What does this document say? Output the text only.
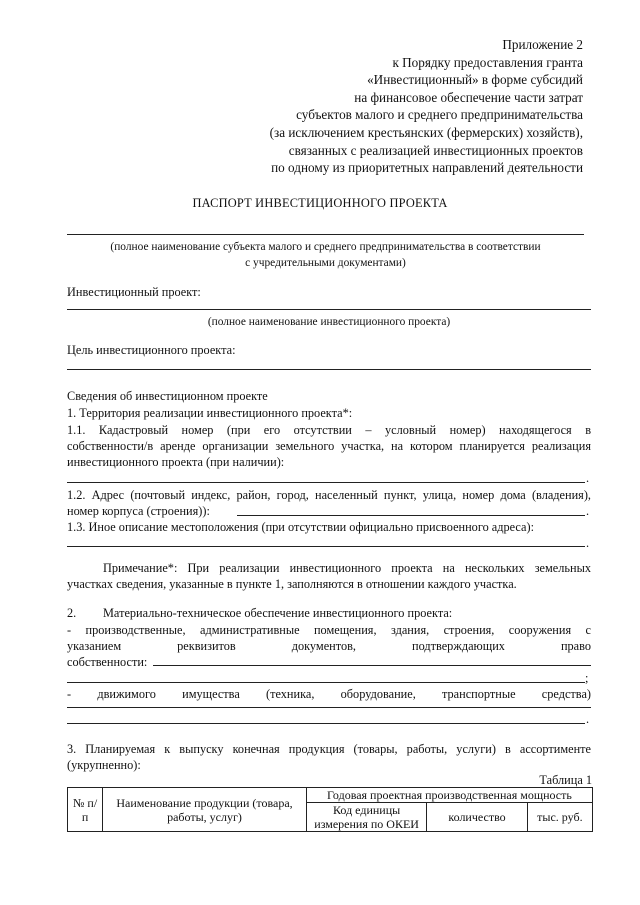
Приложение 2
к Порядку предоставления гранта
«Инвестиционный» в форме субсидий
на финансовое обеспечение части затрат
субъектов малого и среднего предпринимательства
(за исключением крестьянских (фермерских) хозяйств),
связанных с реализацией инвестиционных проектов
по одному из приоритетных направлений деятельности
ПАСПОРТ ИНВЕСТИЦИОННОГО ПРОЕКТА
(полное наименование субъекта малого и среднего предпринимательства в соответствии
с учредительными документами)
Инвестиционный проект:
(полное наименование инвестиционного проекта)
Цель инвестиционного проекта:
Сведения об инвестиционном проекте
1. Территория реализации инвестиционного проекта*:
1.1. Кадастровый номер (при его отсутствии – условный номер) находящегося в
собственности/в аренде организации земельного участка, на котором планируется реализация
инвестиционного проекта (при наличии):
.
1.2. Адрес (почтовый индекс, район, город, населенный пункт, улица, номер дома (владения),
номер корпуса (строения)):	.
1.3. Иное описание местоположения (при отсутствии официально присвоенного адреса):
.
Примечание*: При реализации инвестиционного проекта на нескольких земельных
участках сведения, указанные в пункте 1, заполняются в отношении каждого участка.
2. Материально-техническое обеспечение инвестиционного проекта:
- производственные, административные помещения, здания, строения, сооружения с
указанием реквизитов документов, подтверждающих право
собственности:
;
- движимого имущества (техника, оборудование, транспортные средства)
.
3. Планируемая к выпуску конечная продукция (товары, работы, услуги) в ассортименте
(укрупненно):
Таблица 1
№ п/п	Наименование продукции (товара, работы, услуг)	Годовая проектная производственная мощность		
		Код единицы измерения по ОКЕИ	количество	тыс. руб.
